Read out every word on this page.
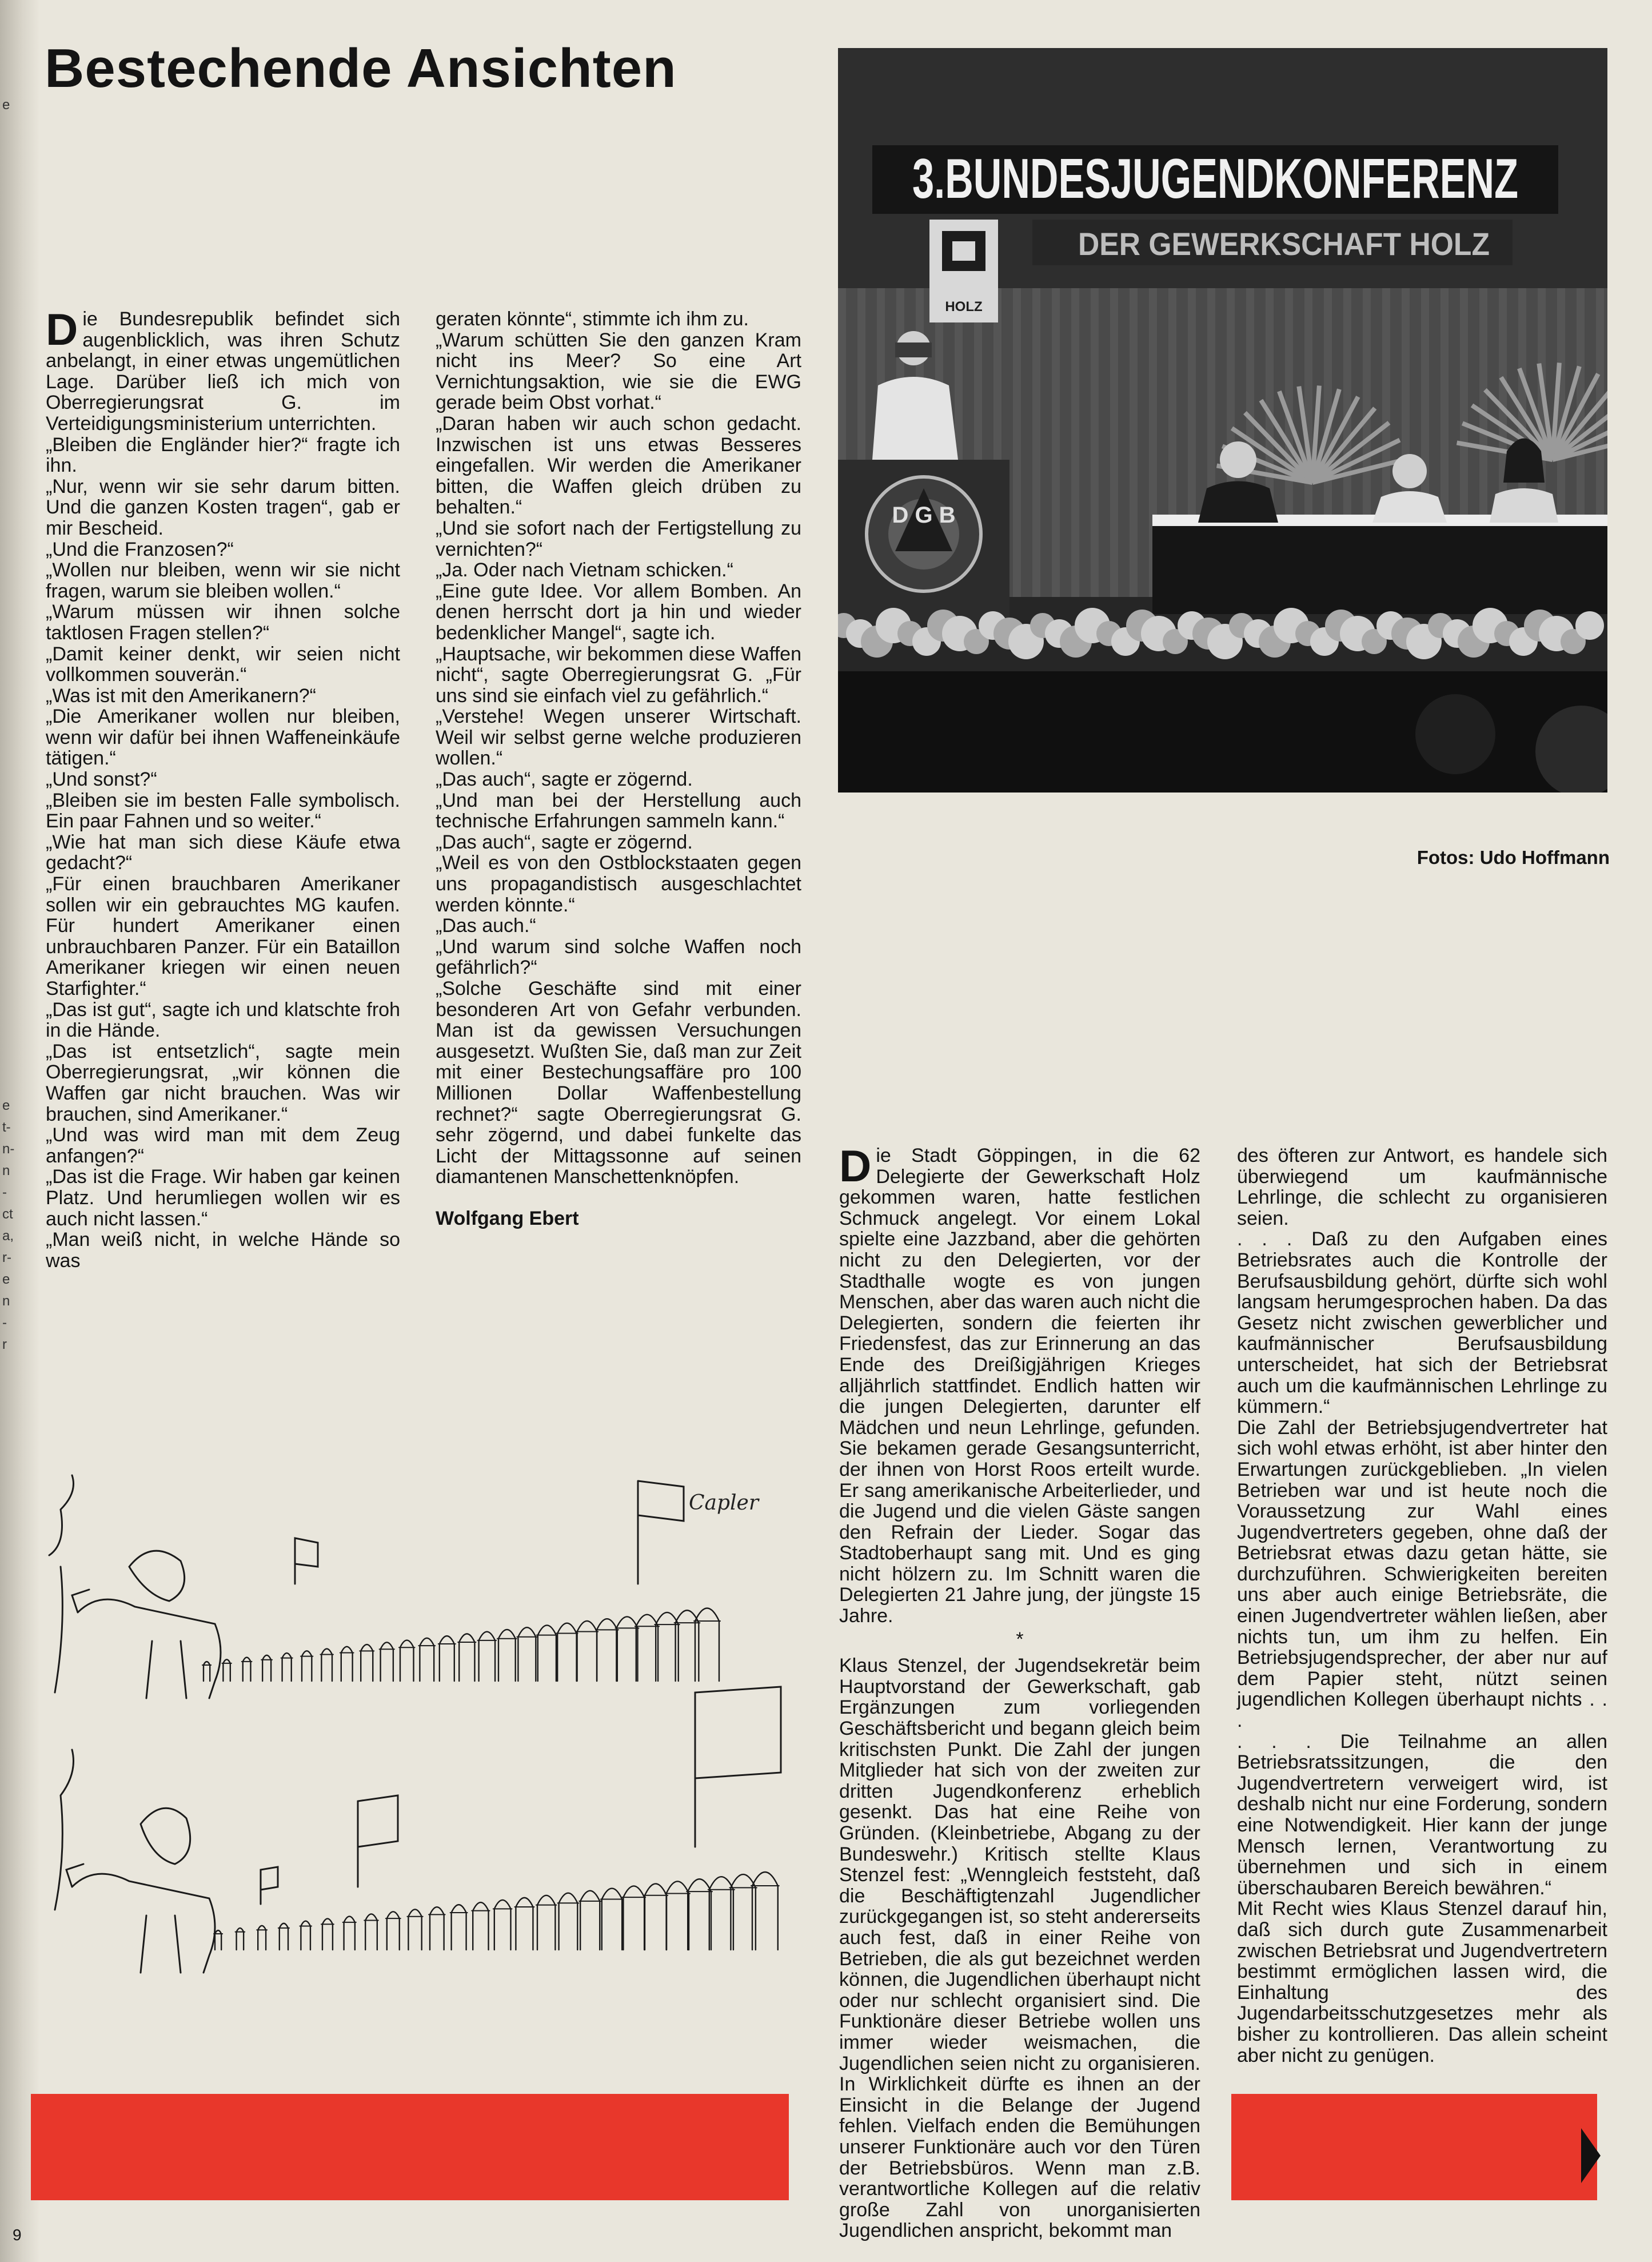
e
t-
n-
n
-
ct
a,
r-
e
n
-
r
e
Bestechende Ansichten

Die Bundesrepublik befindet sich augenblicklich, was ihren Schutz anbelangt, in einer etwas ungemütlichen Lage. Darüber ließ ich mich von Oberregierungsrat G. im Verteidigungsministerium unterrichten.

„Bleiben die Engländer hier?“ fragte ich ihn.

„Nur, wenn wir sie sehr darum bitten. Und die ganzen Kosten tragen“, gab er mir Bescheid.

„Und die Franzosen?“

„Wollen nur bleiben, wenn wir sie nicht fragen, warum sie bleiben wollen.“

„Warum müssen wir ihnen solche taktlosen Fragen stellen?“

„Damit keiner denkt, wir seien nicht vollkommen souverän.“

„Was ist mit den Amerikanern?“

„Die Amerikaner wollen nur bleiben, wenn wir dafür bei ihnen Waffeneinkäufe tätigen.“

„Und sonst?“

„Bleiben sie im besten Falle symbolisch. Ein paar Fahnen und so weiter.“

„Wie hat man sich diese Käufe etwa gedacht?“

„Für einen brauchbaren Amerikaner sollen wir ein gebrauchtes MG kaufen. Für hundert Amerikaner einen unbrauchbaren Panzer. Für ein Bataillon Amerikaner kriegen wir einen neuen Starfighter.“

„Das ist gut“, sagte ich und klatschte froh in die Hände.

„Das ist entsetzlich“, sagte mein Oberregierungsrat, „wir können die Waffen gar nicht brauchen. Was wir brauchen, sind Amerikaner.“

„Und was wird man mit dem Zeug anfangen?“

„Das ist die Frage. Wir haben gar keinen Platz. Und herumliegen wollen wir es auch nicht lassen.“

„Man weiß nicht, in welche Hände so was

geraten könnte“, stimmte ich ihm zu.

„Warum schütten Sie den ganzen Kram nicht ins Meer? So eine Art Vernichtungsaktion, wie sie die EWG gerade beim Obst vorhat.“

„Daran haben wir auch schon gedacht. Inzwischen ist uns etwas Besseres eingefallen. Wir werden die Amerikaner bitten, die Waffen gleich drüben zu behalten.“

„Und sie sofort nach der Fertigstellung zu vernichten?“

„Ja. Oder nach Vietnam schicken.“

„Eine gute Idee. Vor allem Bomben. An denen herrscht dort ja hin und wieder bedenklicher Mangel“, sagte ich.

„Hauptsache, wir bekommen diese Waffen nicht“, sagte Oberregierungsrat G. „Für uns sind sie einfach viel zu gefährlich.“

„Verstehe! Wegen unserer Wirtschaft. Weil wir selbst gerne welche produzieren wollen.“

„Das auch“, sagte er zögernd.

„Und man bei der Herstellung auch technische Erfahrungen sammeln kann.“

„Das auch“, sagte er zögernd.

„Weil es von den Ostblockstaaten gegen uns propagandistisch ausgeschlachtet werden könnte.“

„Das auch.“

„Und warum sind solche Waffen noch gefährlich?“

„Solche Geschäfte sind mit einer besonderen Art von Gefahr verbunden. Man ist da gewissen Versuchungen ausgesetzt. Wußten Sie, daß man zur Zeit mit einer Bestechungsaffäre pro 100 Millionen Dollar Waffenbestellung rechnet?“ sagte Oberregierungsrat G. sehr zögernd, und dabei funkelte das Licht der Mittagssonne auf seinen diamantenen Manschettenknöpfen.

Wolfgang Ebert

3.BUNDESJUGENDKONFERENZ
DER GEWERKSCHAFT HOLZ
HOLZ
D G B
Fotos: Udo Hoffmann
Capler

Die Stadt Göppingen, in die 62 Delegierte der Gewerkschaft Holz gekommen waren, hatte festlichen Schmuck angelegt. Vor einem Lokal spielte eine Jazzband, aber die gehörten nicht zu den Delegierten, vor der Stadthalle wogte es von jungen Menschen, aber das waren auch nicht die Delegierten, sondern die feierten ihr Friedensfest, das zur Erinnerung an das Ende des Dreißigjährigen Krieges alljährlich stattfindet. Endlich hatten wir die jungen Delegierten, darunter elf Mädchen und neun Lehrlinge, gefunden. Sie bekamen gerade Gesangsunterricht, der ihnen von Horst Roos erteilt wurde. Er sang amerikanische Arbeiterlieder, und die Jugend und die vielen Gäste sangen den Refrain der Lieder. Sogar das Stadtoberhaupt sang mit. Und es ging nicht hölzern zu. Im Schnitt waren die Delegierten 21 Jahre jung, der jüngste 15 Jahre.

*

Klaus Stenzel, der Jugendsekretär beim Hauptvorstand der Gewerkschaft, gab Ergänzungen zum vorliegenden Geschäftsbericht und begann gleich beim kritischsten Punkt. Die Zahl der jungen Mitglieder hat sich von der zweiten zur dritten Jugendkonferenz erheblich gesenkt. Das hat eine Reihe von Gründen. (Kleinbetriebe, Abgang zu der Bundeswehr.) Kritisch stellte Klaus Stenzel fest: „Wenngleich feststeht, daß die Beschäftigtenzahl Jugendlicher zurückgegangen ist, so steht andererseits auch fest, daß in einer Reihe von Betrieben, die als gut bezeichnet werden können, die Jugendlichen überhaupt nicht oder nur schlecht organisiert sind. Die Funktionäre dieser Betriebe wollen uns immer wieder weismachen, die Jugendlichen seien nicht zu organisieren. In Wirklichkeit dürfte es ihnen an der Einsicht in die Belange der Jugend fehlen. Vielfach enden die Bemühungen unserer Funktionäre auch vor den Türen der Betriebsbüros. Wenn man z.B. verantwortliche Kollegen auf die relativ große Zahl von unorganisierten Jugendlichen anspricht, bekommt man

des öfteren zur Antwort, es handele sich überwiegend um kaufmännische Lehrlinge, die schlecht zu organisieren seien.

. . . Daß zu den Aufgaben eines Betriebsrates auch die Kontrolle der Berufsausbildung gehört, dürfte sich wohl langsam herumgesprochen haben. Da das Gesetz nicht zwischen gewerblicher und kaufmännischer Berufsausbildung unterscheidet, hat sich der Betriebsrat auch um die kaufmännischen Lehrlinge zu kümmern.“

Die Zahl der Betriebsjugendvertreter hat sich wohl etwas erhöht, ist aber hinter den Erwartungen zurückgeblieben. „In vielen Betrieben war und ist heute noch die Voraussetzung zur Wahl eines Jugendvertreters gegeben, ohne daß der Betriebsrat etwas dazu getan hätte, sie durchzuführen. Schwierigkeiten bereiten uns aber auch einige Betriebsräte, die einen Jugendvertreter wählen ließen, aber nichts tun, um ihm zu helfen. Ein Betriebsjugendsprecher, der aber nur auf dem Papier steht, nützt seinen jugendlichen Kollegen überhaupt nichts . . .

. . . Die Teilnahme an allen Betriebsratssitzungen, die den Jugendvertretern verweigert wird, ist deshalb nicht nur eine Forderung, sondern eine Notwendigkeit. Hier kann der junge Mensch lernen, Verantwortung zu übernehmen und sich in einem überschaubaren Bereich bewähren.“

Mit Recht wies Klaus Stenzel darauf hin, daß sich durch gute Zusammenarbeit zwischen Betriebsrat und Jugendvertretern bestimmt ermöglichen lassen wird, die Einhaltung des Jugendarbeitsschutzgesetzes mehr als bisher zu kontrollieren. Das allein scheint aber nicht zu genügen.

9
